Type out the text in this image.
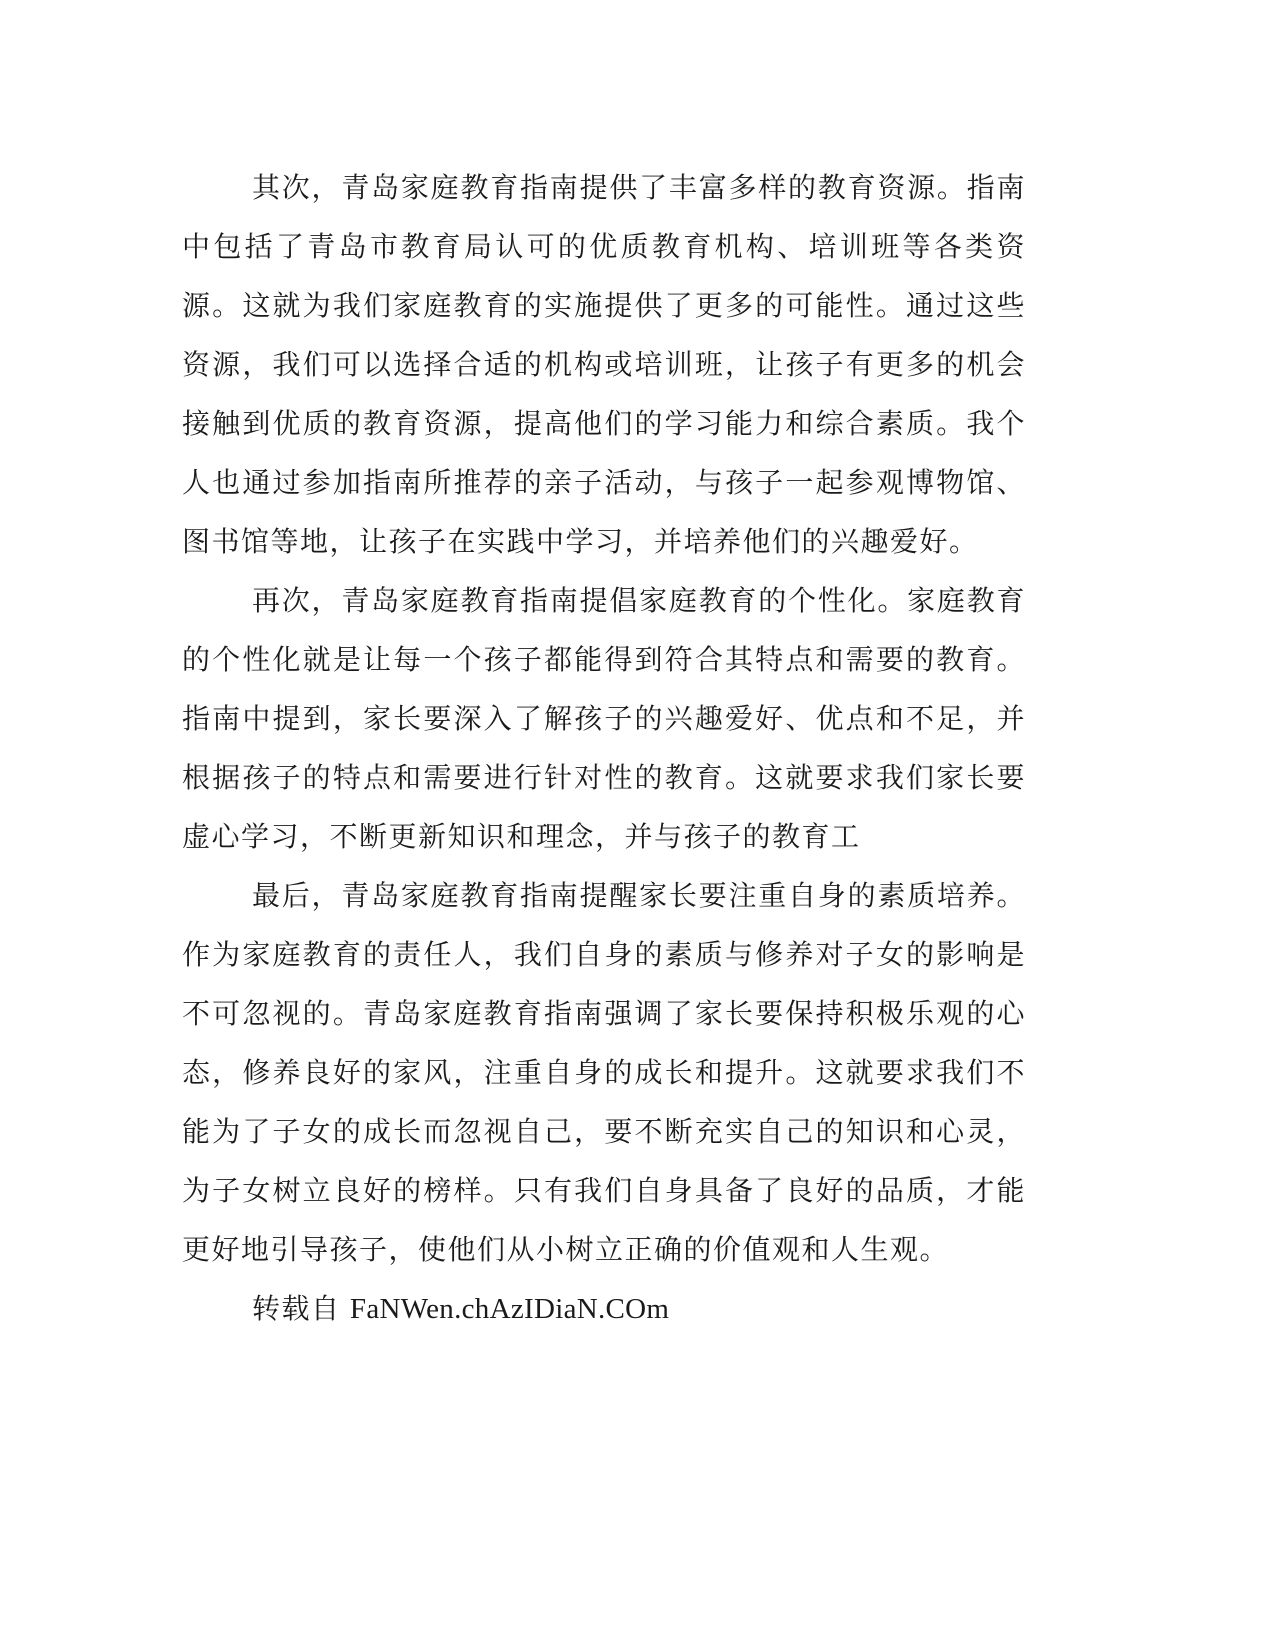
其次，青岛家庭教育指南提供了丰富多样的教育资源。指南中包括了青岛市教育局认可的优质教育机构、培训班等各类资源。这就为我们家庭教育的实施提供了更多的可能性。通过这些资源，我们可以选择合适的机构或培训班，让孩子有更多的机会接触到优质的教育资源，提高他们的学习能力和综合素质。我个人也通过参加指南所推荐的亲子活动，与孩子一起参观博物馆、图书馆等地，让孩子在实践中学习，并培养他们的兴趣爱好。

再次，青岛家庭教育指南提倡家庭教育的个性化。家庭教育的个性化就是让每一个孩子都能得到符合其特点和需要的教育。指南中提到，家长要深入了解孩子的兴趣爱好、优点和不足，并根据孩子的特点和需要进行针对性的教育。这就要求我们家长要虚心学习，不断更新知识和理念，并与孩子的教育工

最后，青岛家庭教育指南提醒家长要注重自身的素质培养。作为家庭教育的责任人，我们自身的素质与修养对子女的影响是不可忽视的。青岛家庭教育指南强调了家长要保持积极乐观的心态，修养良好的家风，注重自身的成长和提升。这就要求我们不能为了子女的成长而忽视自己，要不断充实自己的知识和心灵，为子女树立良好的榜样。只有我们自身具备了良好的品质，才能更好地引导孩子，使他们从小树立正确的价值观和人生观。

转载自 FaNWen.chAzIDiaN.COm
